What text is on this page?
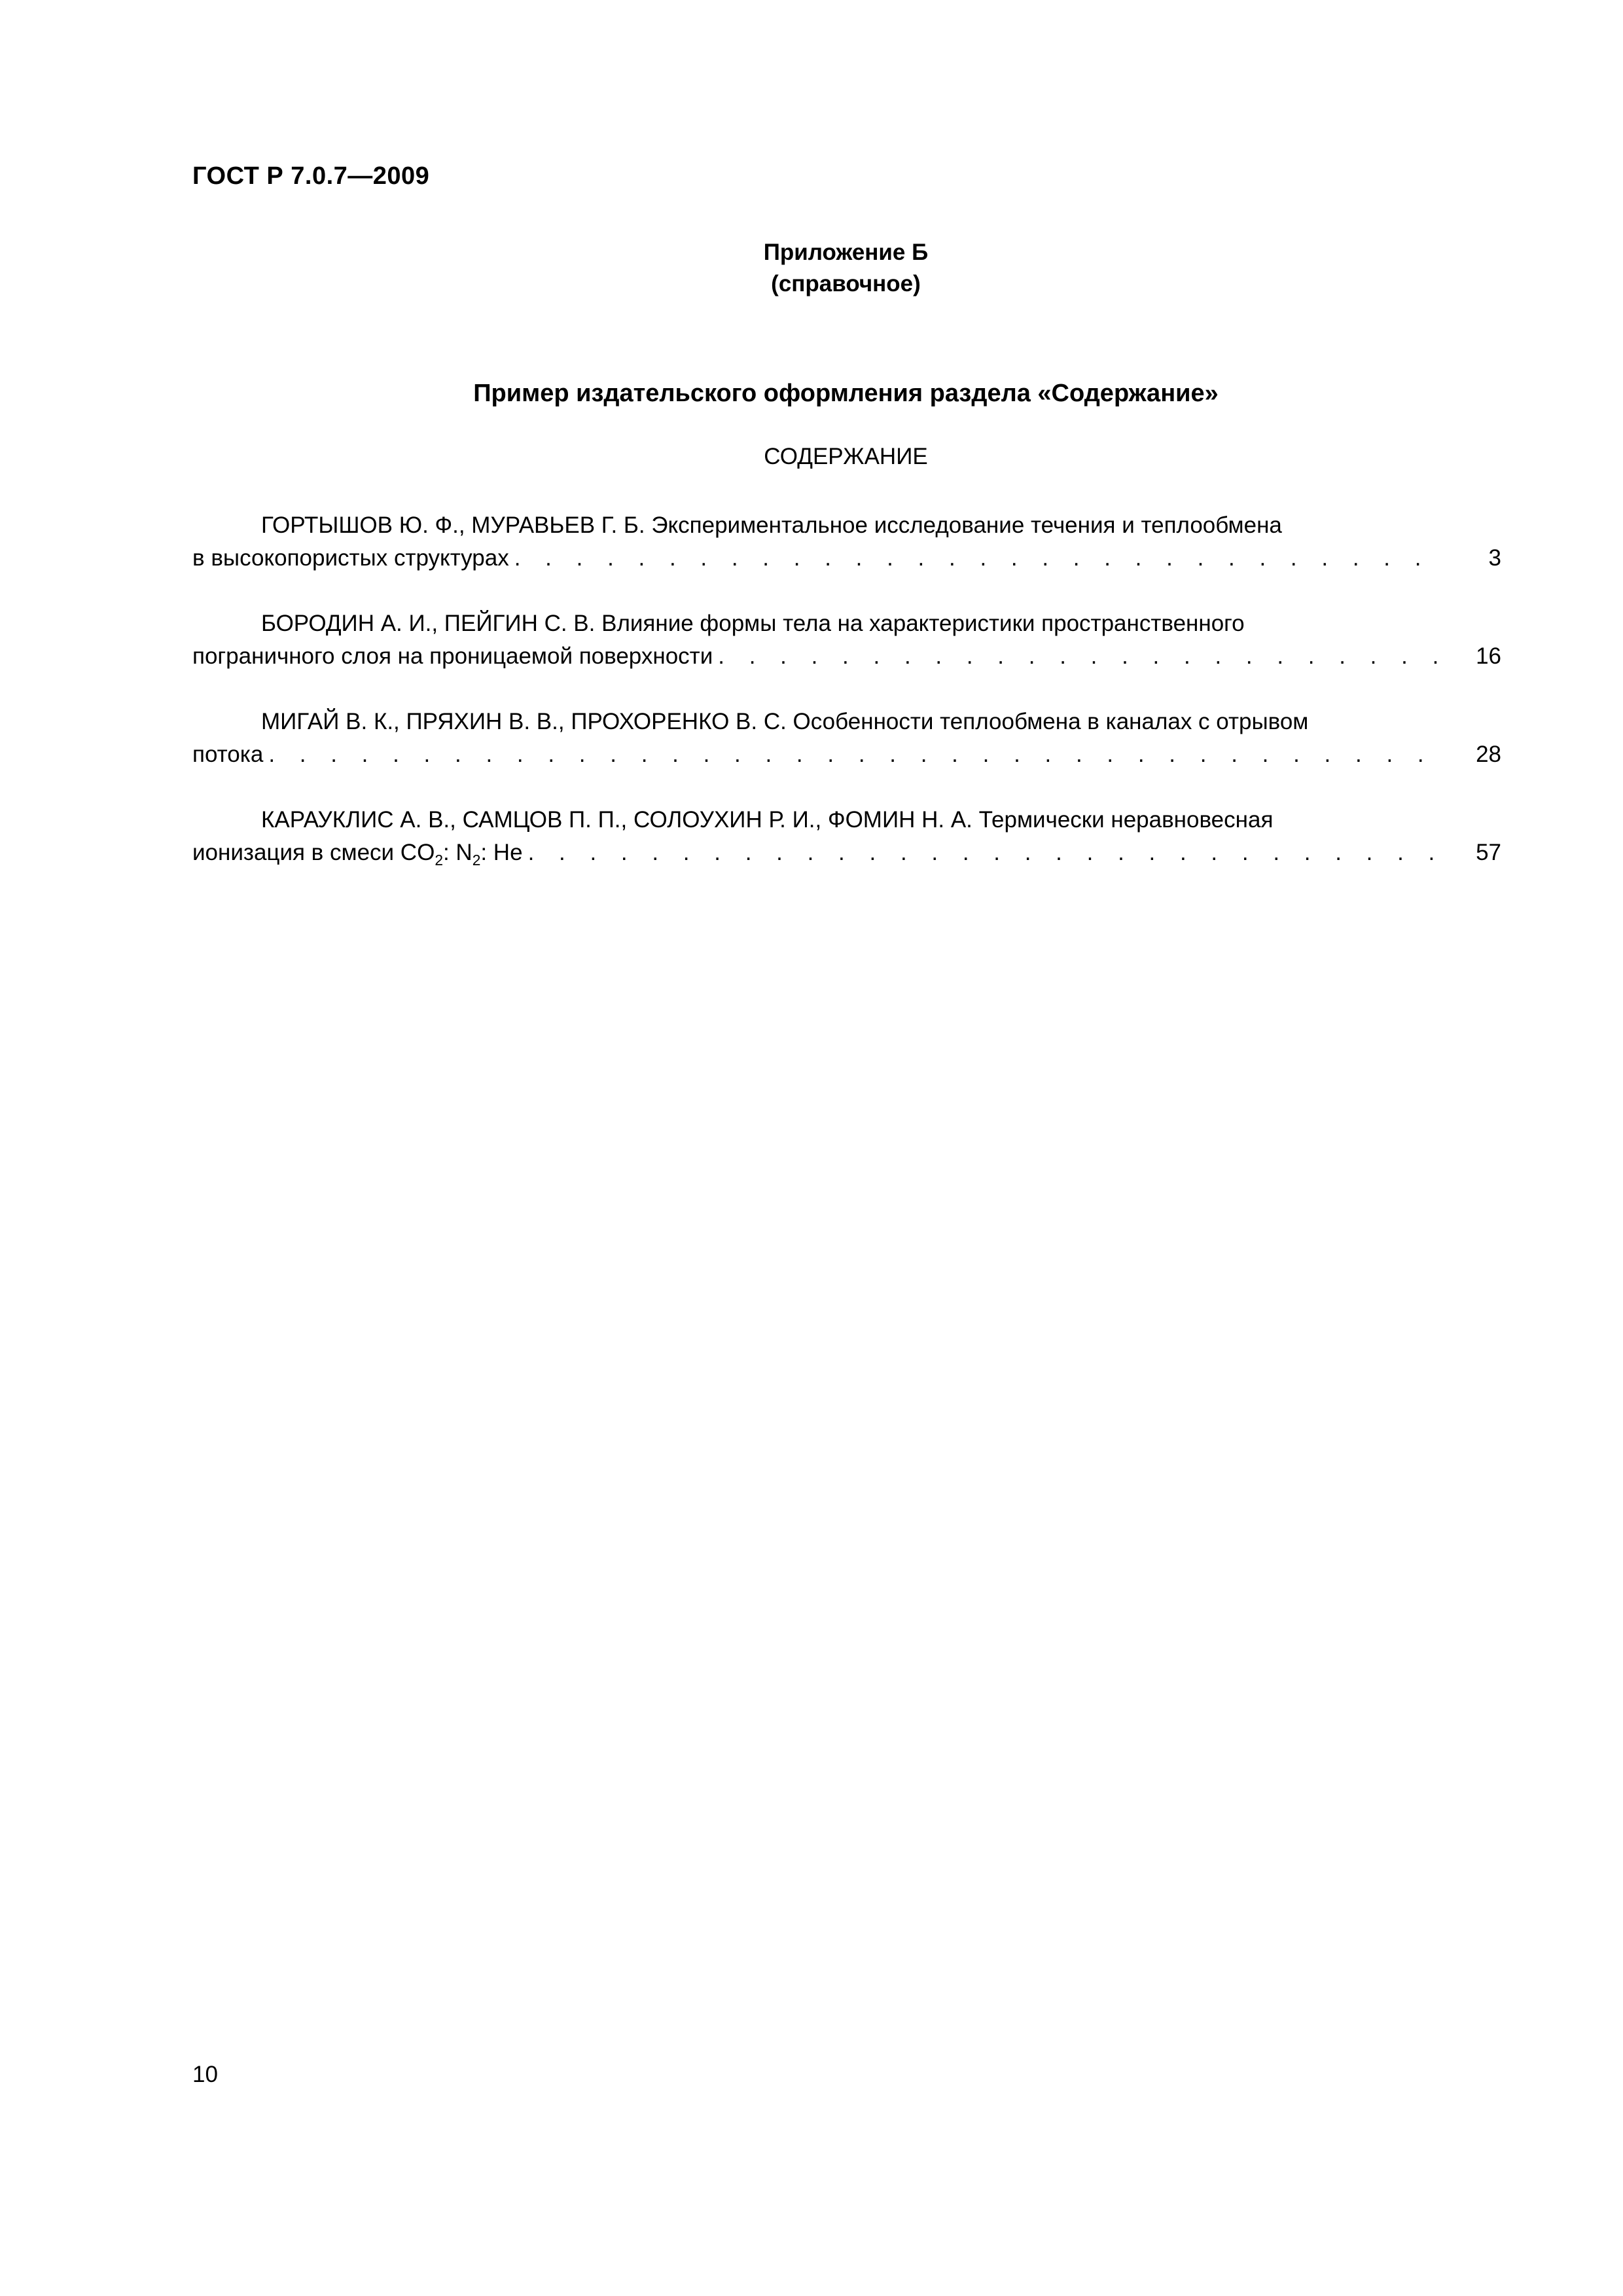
ГОСТ Р 7.0.7—2009
Приложение Б
(справочное)
Пример издательского оформления раздела «Содержание»
СОДЕРЖАНИЕ
ГОРТЫШОВ Ю. Ф., МУРАВЬЕВ Г. Б. Экспериментальное исследование течения и теплообмена
в высокопористых структурах . . .	3
БОРОДИН А. И., ПЕЙГИН С. В. Влияние формы тела на характеристики пространственного
пограничного слоя на проницаемой поверхности . . .	16
МИГАЙ В. К., ПРЯХИН В. В., ПРОХОРЕНКО В. С. Особенности теплообмена в каналах с отрывом
потока . . .	28
КАРАУКЛИС А. В., САМЦОВ П. П., СОЛОУХИН Р. И., ФОМИН Н. А. Термически неравновесная
ионизация в смеси $CO_2$: $N_2$: He . . .	57
10
